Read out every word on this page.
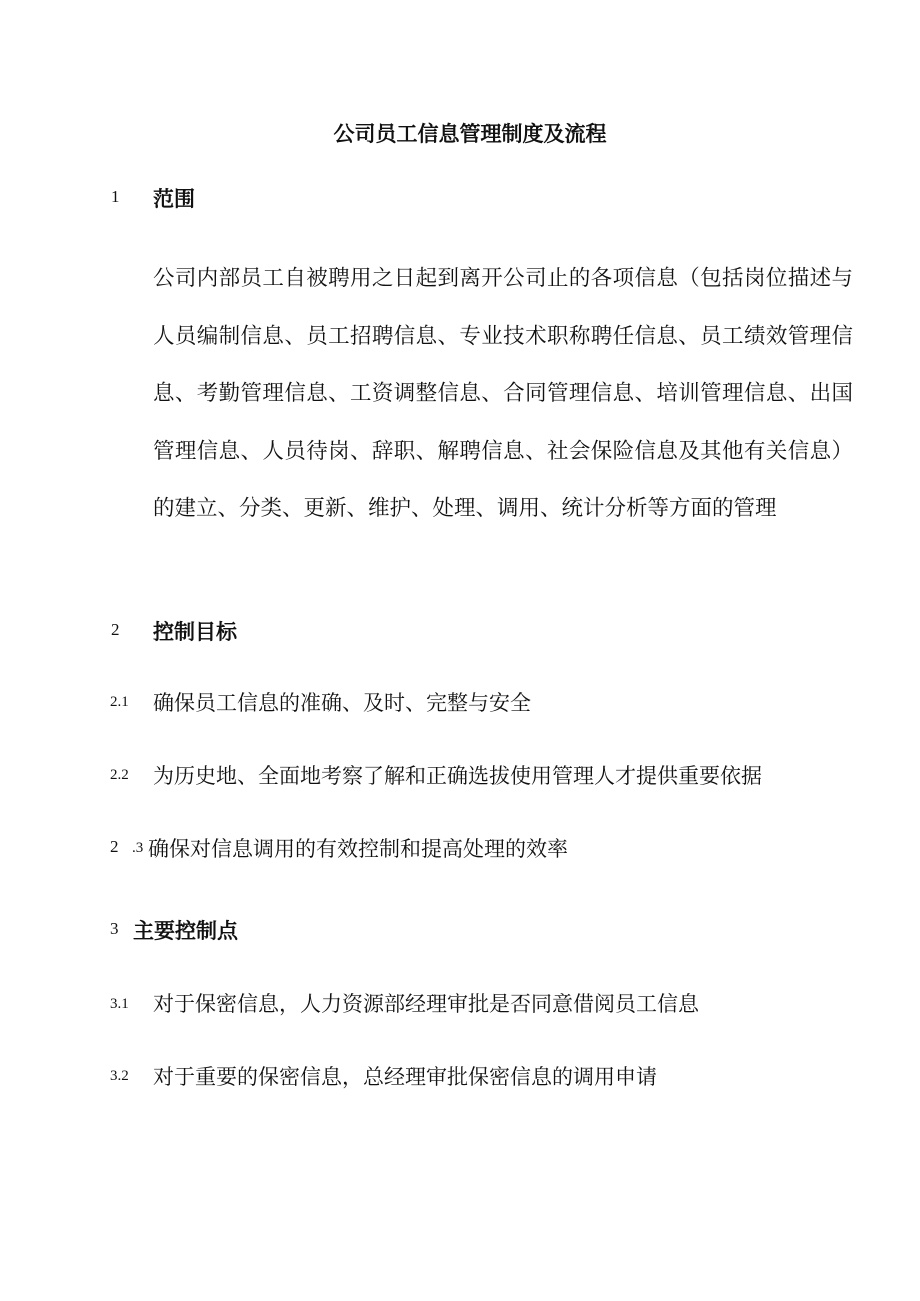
公司员工信息管理制度及流程
1 范围
公司内部员工自被聘用之日起到离开公司止的各项信息（包括岗位描述与人员编制信息、员工招聘信息、专业技术职称聘任信息、员工绩效管理信息、考勤管理信息、工资调整信息、合同管理信息、培训管理信息、出国管理信息、人员待岗、辞职、解聘信息、社会保险信息及其他有关信息）的建立、分类、更新、维护、处理、调用、统计分析等方面的管理
2 控制目标
2.1 确保员工信息的准确、及时、完整与安全
2.2 为历史地、全面地考察了解和正确选拔使用管理人才提供重要依据
2 .3 确保对信息调用的有效控制和提高处理的效率
3 主要控制点
3.1 对于保密信息，人力资源部经理审批是否同意借阅员工信息
3.2 对于重要的保密信息，总经理审批保密信息的调用申请
